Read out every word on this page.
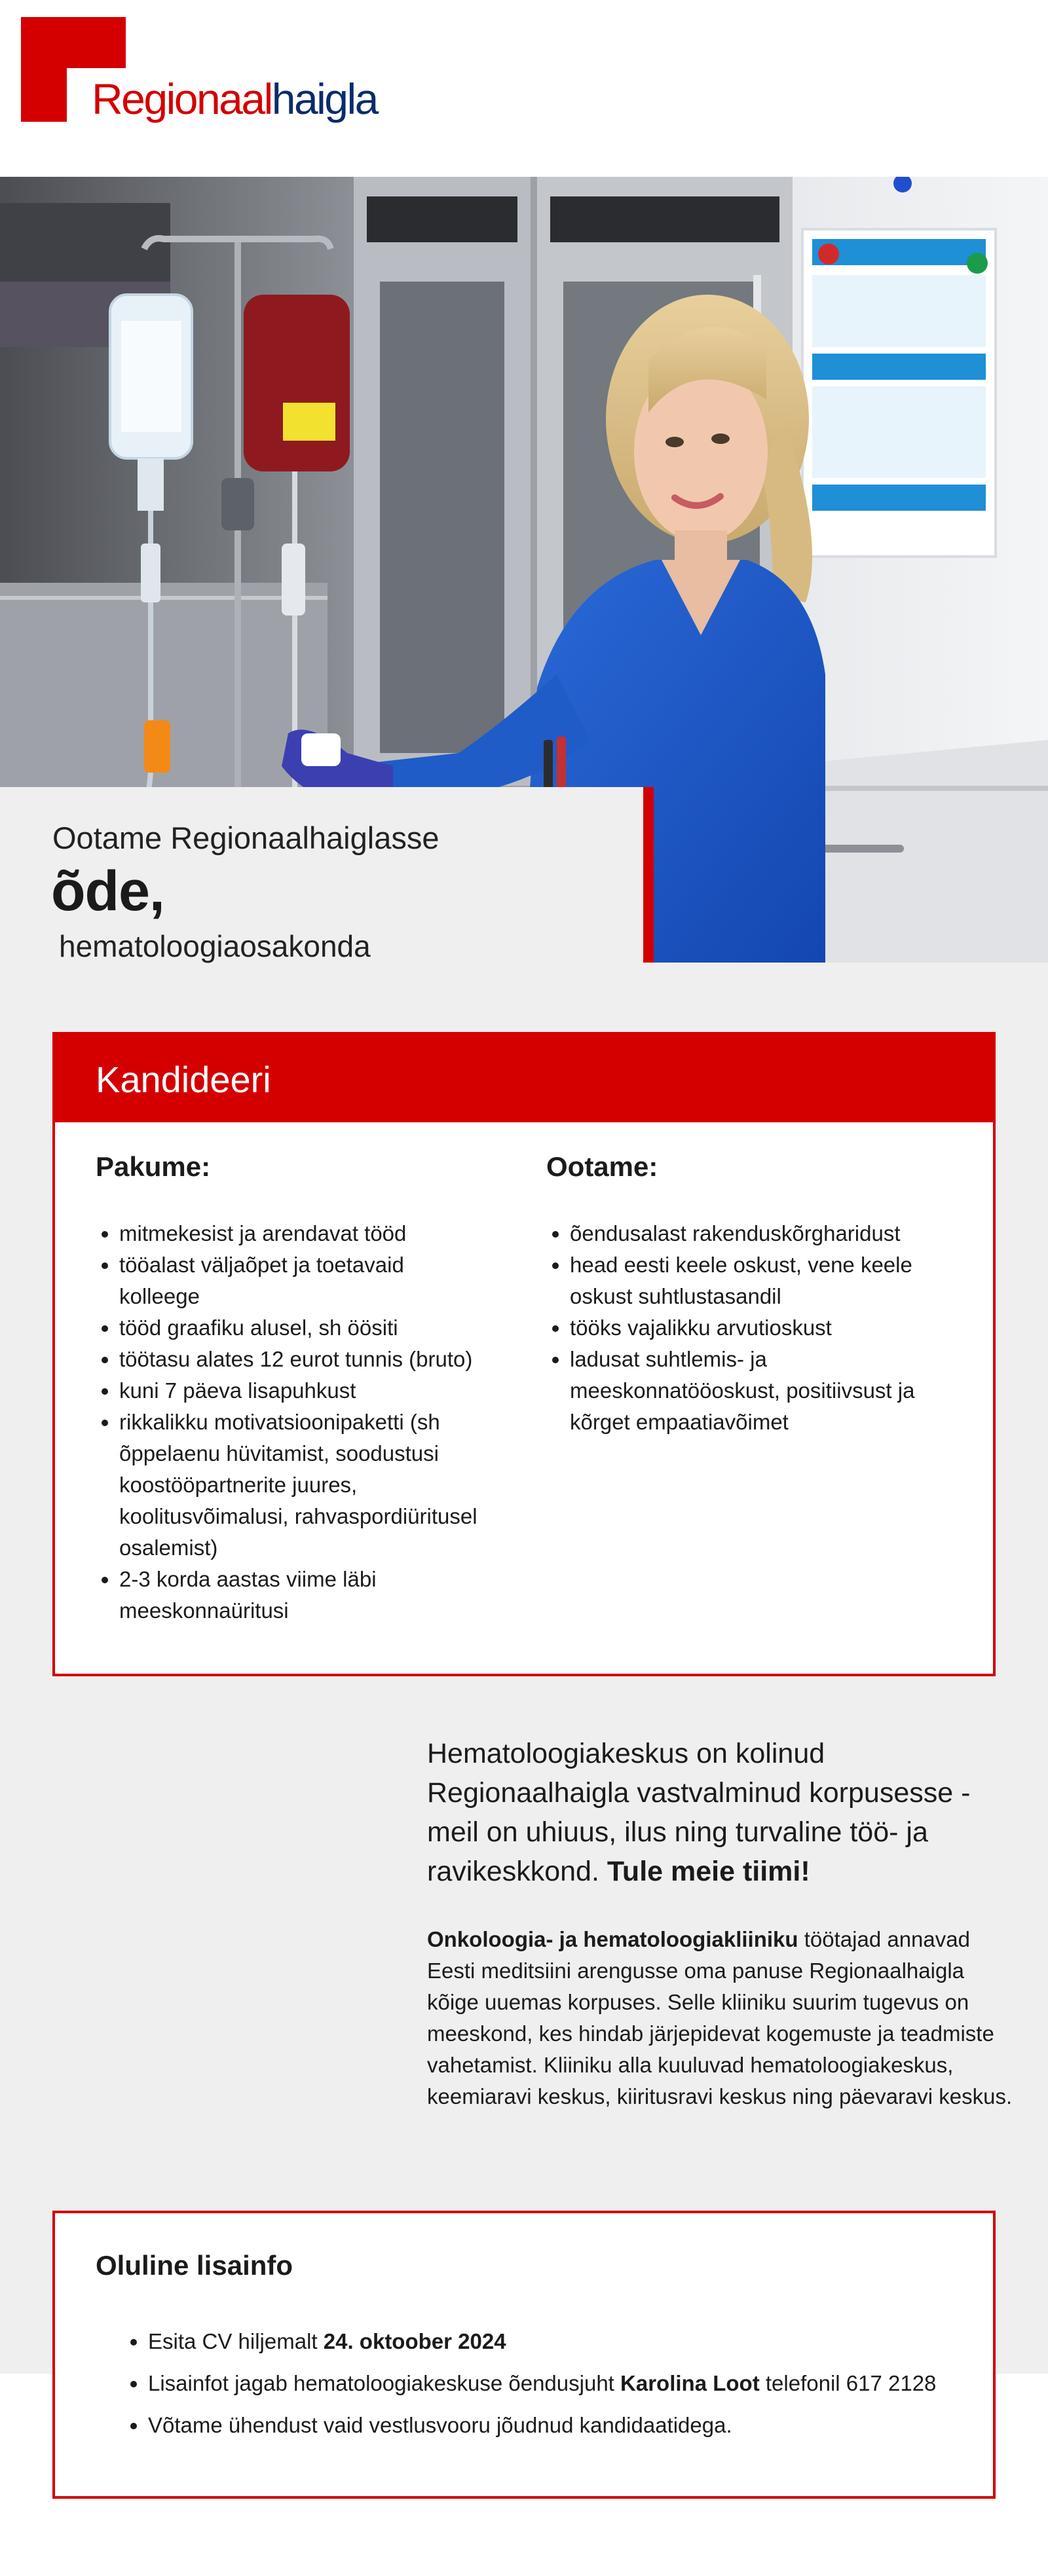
Regionaalhaigla
Ootame Regionaalhaiglasse
õde,
hematoloogiaosakonda
Kandideeri
Pakume:
• mitmekesist ja arendavat tööd
• tööalast väljaõpet ja toetavaid kolleege
• tööd graafiku alusel, sh öösiti
• töötasu alates 12 eurot tunnis (bruto)
• kuni 7 päeva lisapuhkust
• rikkalikku motivatsioonipaketti (sh õppelaenu hüvitamist, soodustusi koostööpartnerite juures, koolitusvõimalusi, rahvaspordiüritusel osalemist)
• 2-3 korda aastas viime läbi meeskonnaüritusi
Ootame:
• õendusalast rakenduskõrgharidust
• head eesti keele oskust, vene keele oskust suhtlustasandil
• tööks vajalikku arvutioskust
• ladusat suhtlemis- ja meeskonnatööoskust, positiivsust ja kõrget empaatiavõimet
Hematoloogiakeskus on kolinud Regionaalhaigla vastvalminud korpusesse - meil on uhiuus, ilus ning turvaline töö- ja ravikeskkond. Tule meie tiimi!
Onkoloogia- ja hematoloogiakliiniku töötajad annavad Eesti meditsiini arengusse oma panuse Regionaalhaigla kõige uuemas korpuses. Selle kliiniku suurim tugevus on meeskond, kes hindab järjepidevat kogemuste ja teadmiste vahetamist. Kliiniku alla kuuluvad hematoloogiakeskus, keemiaravi keskus, kiiritusravi keskus ning päevaravi keskus.
Oluline lisainfo
• Esita CV hiljemalt 24. oktoober 2024
• Lisainfot jagab hematoloogiakeskuse õendusjuht Karolina Loot telefonil 617 2128
• Võtame ühendust vaid vestlusvooru jõudnud kandidaatidega.
